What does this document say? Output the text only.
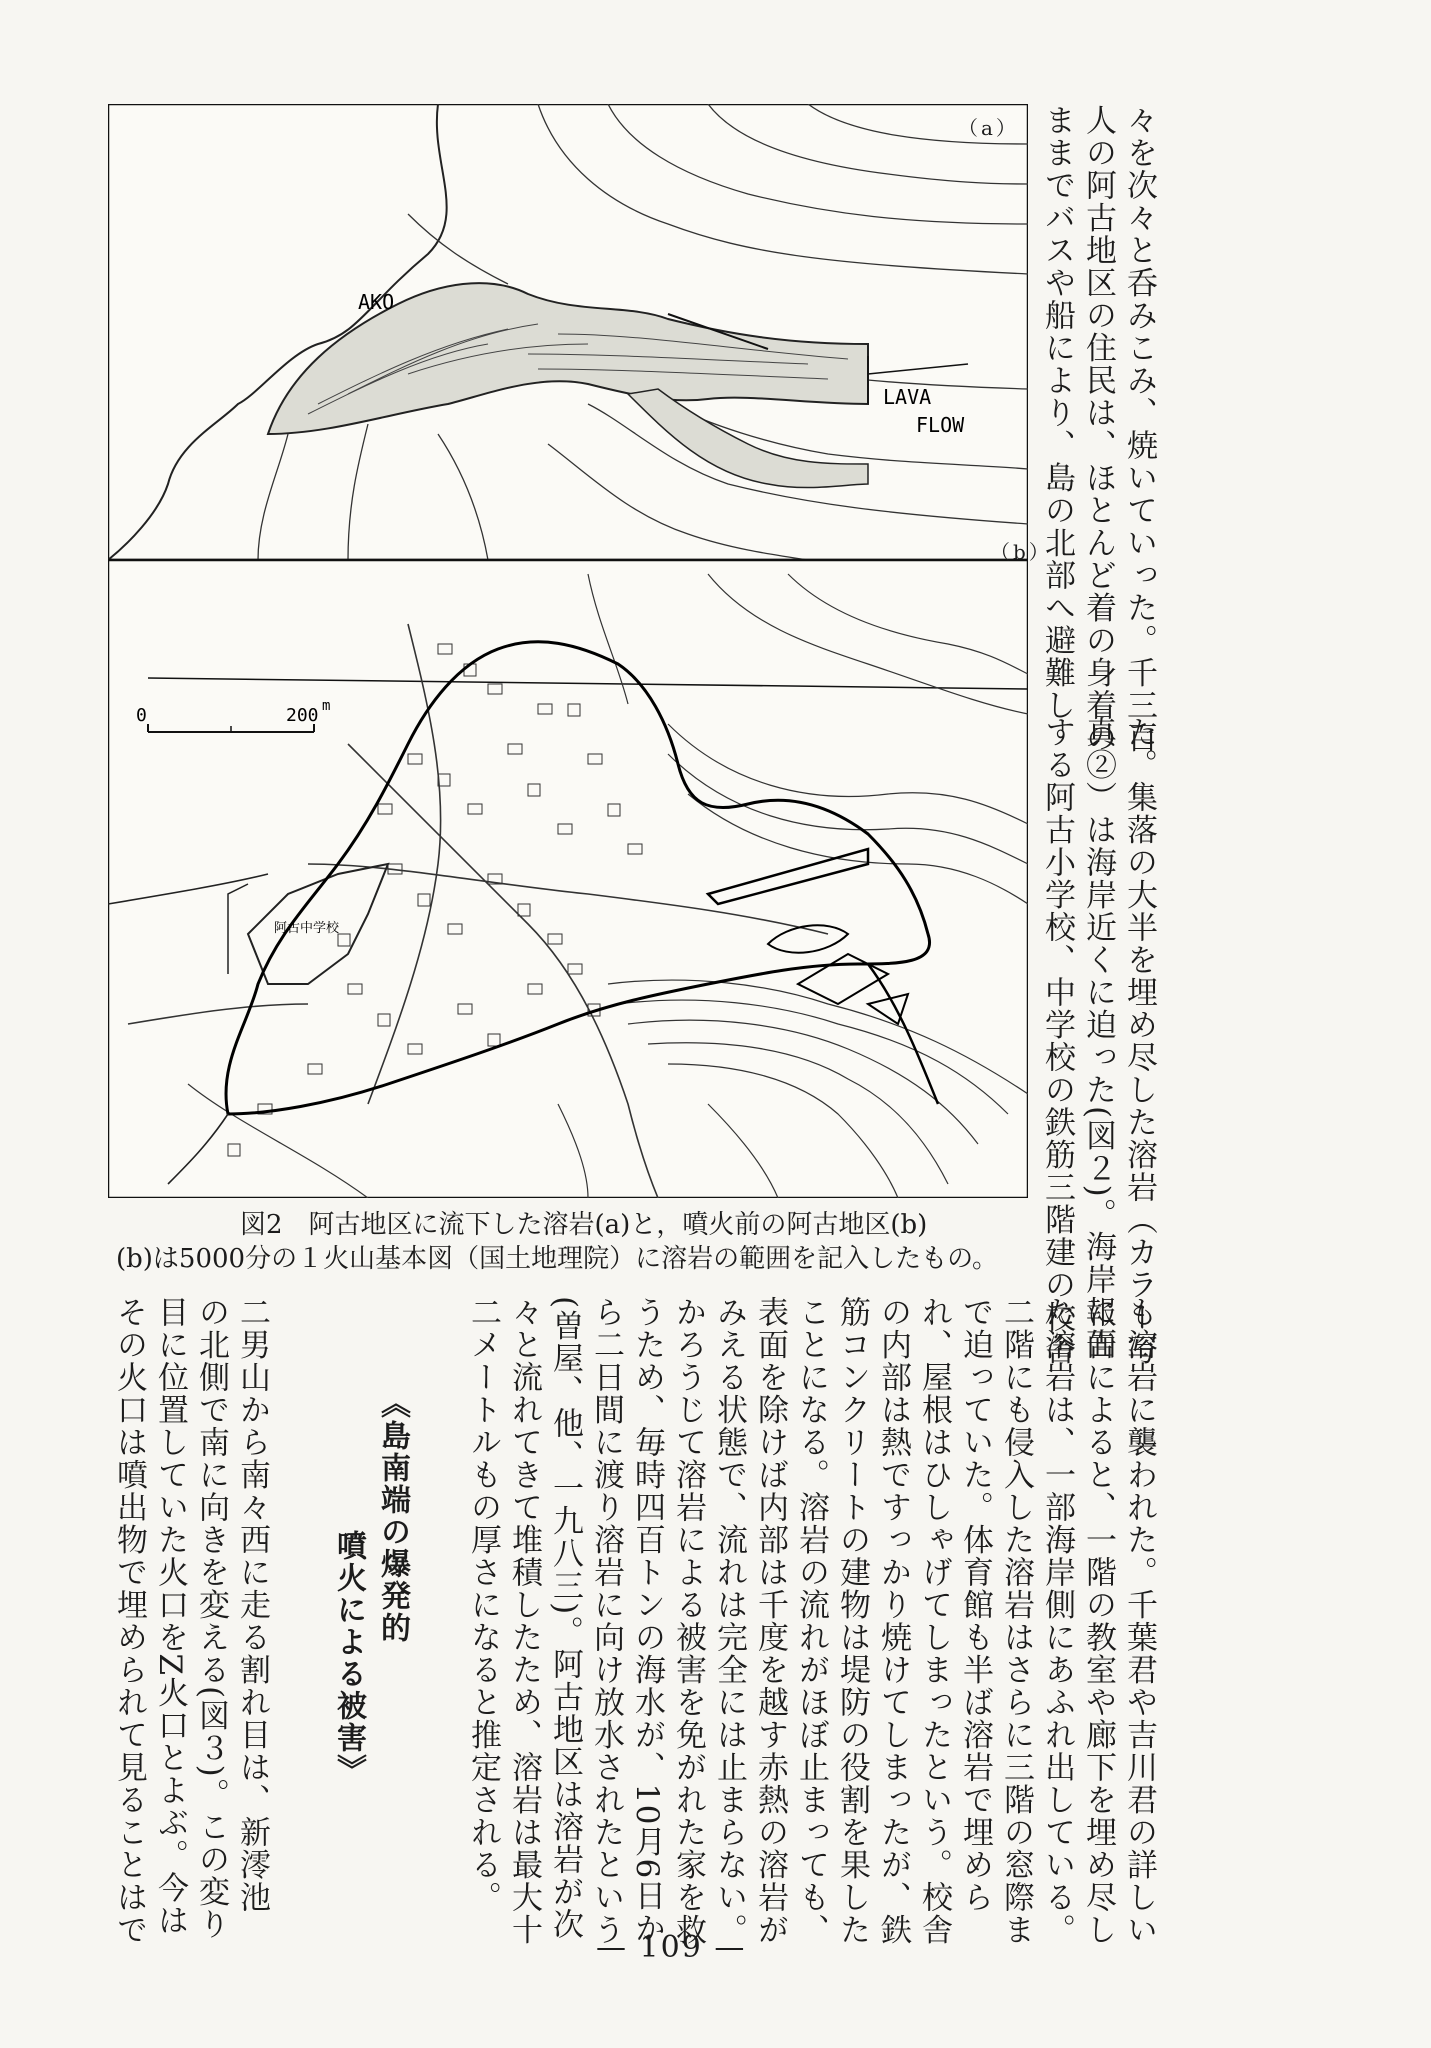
AKO
LAVA
FLOW
0	200 m
阿古中学校
（a）
（b）
図2　阿古地区に流下した溶岩(a)と，噴火前の阿古地区(b)
(b)は5000分の１火山基本図（国土地理院）に溶岩の範囲を記入したもの。
々を次々と呑みこみ、焼いていった。千三百
人の阿古地区の住民は、ほとんど着の身着の
ままでバスや船により、島の北部へ避難し
た。集落の大半を埋め尽した溶岩（カラー写
真②）は海岸近くに迫った(図２)。海岸に面
する阿古小学校、中学校の鉄筋三階建の校舎
も溶岩に襲われた。千葉君や吉川君の詳しい
報告によると、一階の教室や廊下を埋め尽し
た溶岩は、一部海岸側にあふれ出している。
二階にも侵入した溶岩はさらに三階の窓際ま
で迫っていた。体育館も半ば溶岩で埋めら
れ、屋根はひしゃげてしまったという。校舎
の内部は熱ですっかり焼けてしまったが、鉄
筋コンクリートの建物は堤防の役割を果した
ことになる。溶岩の流れがほぼ止まっても、
表面を除けば内部は千度を越す赤熱の溶岩が
みえる状態で、流れは完全には止まらない。
かろうじて溶岩による被害を免がれた家を救
うため、毎時四百トンの海水が、10月6日か
ら二日間に渡り溶岩に向け放水されたという
(曽屋、他、一九八三)。阿古地区は溶岩が次
々と流れてきて堆積したため、溶岩は最大十
二メートルもの厚さになると推定される。
《島南端の爆発的
噴火による被害》
二男山から南々西に走る割れ目は、新澪池
の北側で南に向きを変える(図３)。この変り
目に位置していた火口をZ火口とよぶ。今は
その火口は噴出物で埋められて見ることはで
— 109 —
